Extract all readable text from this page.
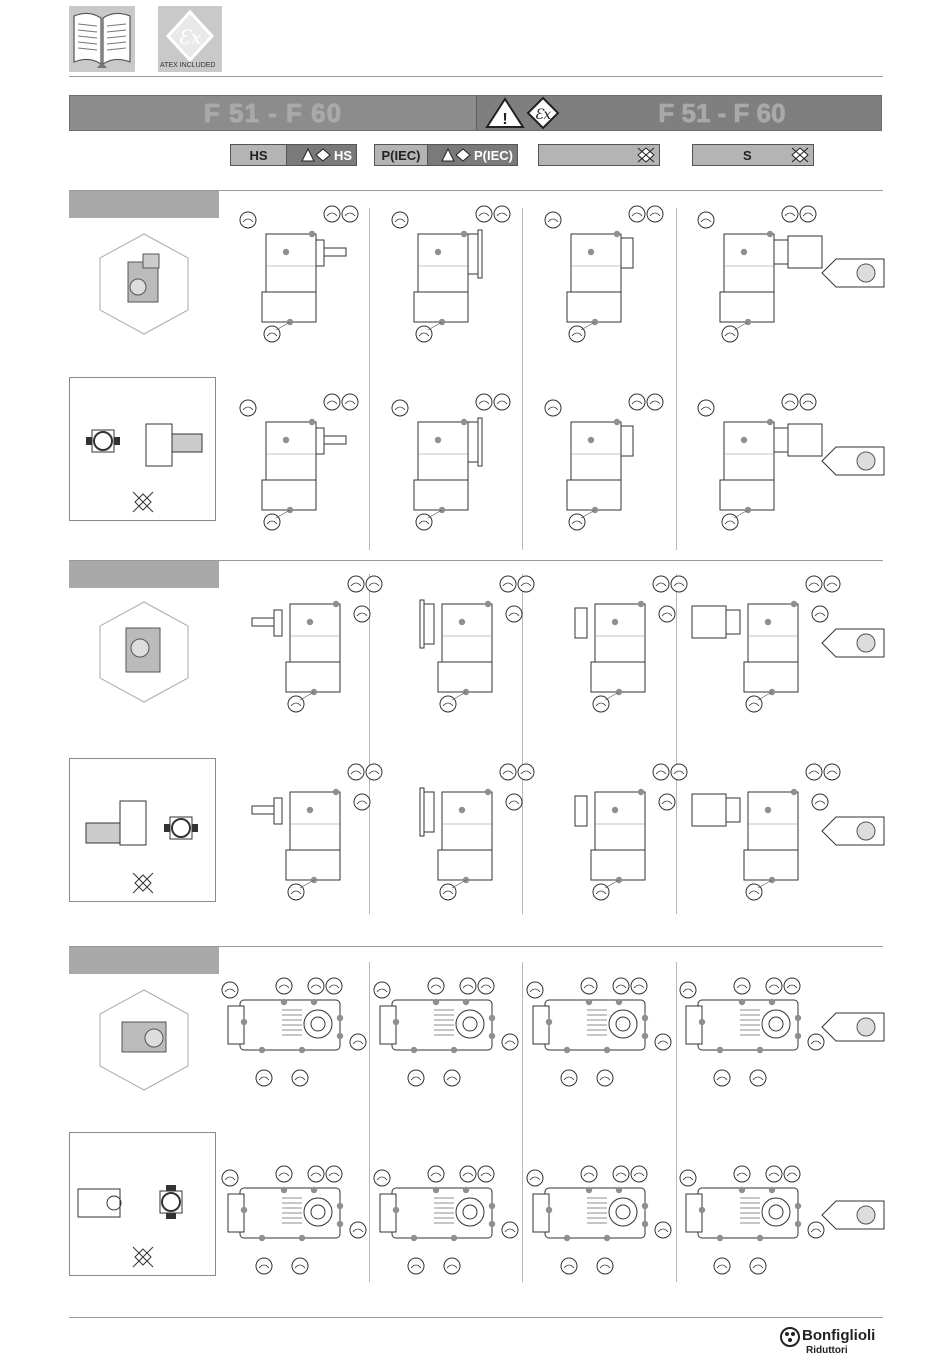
Ɛx
ATEX INCLUDED
F 51 - F 60	! Ɛx	F 51 - F 60
HS	HS	P(IEC)	P(IEC)	S
Bonfiglioli
Riduttori
